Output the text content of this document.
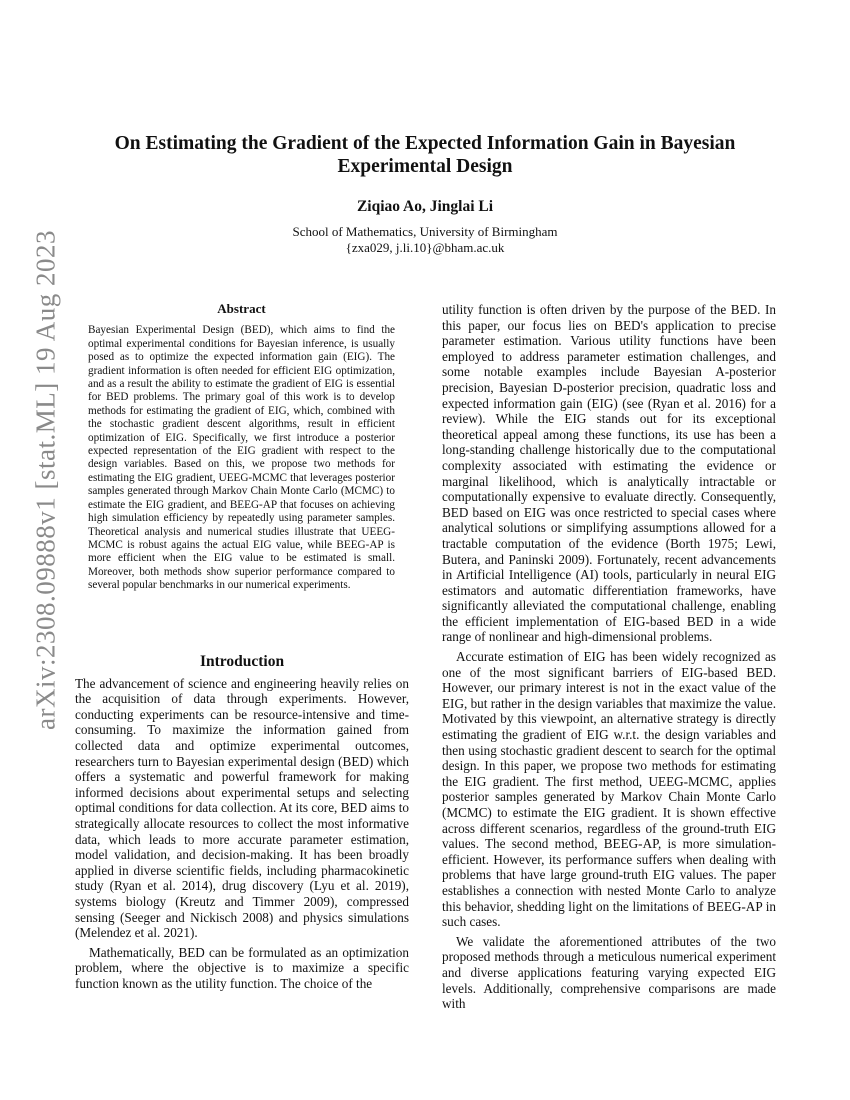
arXiv:2308.09888v1 [stat.ML] 19 Aug 2023
On Estimating the Gradient of the Expected Information Gain in Bayesian Experimental Design
Ziqiao Ao, Jinglai Li
School of Mathematics, University of Birmingham
{zxa029, j.li.10}@bham.ac.uk

Abstract

Bayesian Experimental Design (BED), which aims to find the optimal experimental conditions for Bayesian inference, is usually posed as to optimize the expected information gain (EIG). The gradient information is often needed for efficient EIG optimization, and as a result the ability to estimate the gradient of EIG is essential for BED problems. The primary goal of this work is to develop methods for estimating the gradient of EIG, which, combined with the stochastic gradient descent algorithms, result in efficient optimization of EIG. Specifically, we first introduce a posterior expected representation of the EIG gradient with respect to the design variables. Based on this, we propose two methods for estimating the EIG gradient, UEEG-MCMC that leverages posterior samples generated through Markov Chain Monte Carlo (MCMC) to estimate the EIG gradient, and BEEG-AP that focuses on achieving high simulation efficiency by repeatedly using parameter samples. Theoretical analysis and numerical studies illustrate that UEEG-MCMC is robust agains the actual EIG value, while BEEG-AP is more efficient when the EIG value to be estimated is small. Moreover, both methods show superior performance compared to several popular benchmarks in our numerical experiments.

Introduction

The advancement of science and engineering heavily relies on the acquisition of data through experiments. However, conducting experiments can be resource-intensive and time-consuming. To maximize the information gained from collected data and optimize experimental outcomes, researchers turn to Bayesian experimental design (BED) which offers a systematic and powerful framework for making informed decisions about experimental setups and selecting optimal conditions for data collection. At its core, BED aims to strategically allocate resources to collect the most informative data, which leads to more accurate parameter estimation, model validation, and decision-making. It has been broadly applied in diverse scientific fields, including pharmacokinetic study (Ryan et al. 2014), drug discovery (Lyu et al. 2019), systems biology (Kreutz and Timmer 2009), compressed sensing (Seeger and Nickisch 2008) and physics simulations (Melendez et al. 2021).

Mathematically, BED can be formulated as an optimization problem, where the objective is to maximize a specific function known as the utility function. The choice of the

utility function is often driven by the purpose of the BED. In this paper, our focus lies on BED's application to precise parameter estimation. Various utility functions have been employed to address parameter estimation challenges, and some notable examples include Bayesian A-posterior precision, Bayesian D-posterior precision, quadratic loss and expected information gain (EIG) (see (Ryan et al. 2016) for a review). While the EIG stands out for its exceptional theoretical appeal among these functions, its use has been a long-standing challenge historically due to the computational complexity associated with estimating the evidence or marginal likelihood, which is analytically intractable or computationally expensive to evaluate directly. Consequently, BED based on EIG was once restricted to special cases where analytical solutions or simplifying assumptions allowed for a tractable computation of the evidence (Borth 1975; Lewi, Butera, and Paninski 2009). Fortunately, recent advancements in Artificial Intelligence (AI) tools, particularly in neural EIG estimators and automatic differentiation frameworks, have significantly alleviated the computational challenge, enabling the efficient implementation of EIG-based BED in a wide range of nonlinear and high-dimensional problems.

Accurate estimation of EIG has been widely recognized as one of the most significant barriers of EIG-based BED. However, our primary interest is not in the exact value of the EIG, but rather in the design variables that maximize the value. Motivated by this viewpoint, an alternative strategy is directly estimating the gradient of EIG w.r.t. the design variables and then using stochastic gradient descent to search for the optimal design. In this paper, we propose two methods for estimating the EIG gradient. The first method, UEEG-MCMC, applies posterior samples generated by Markov Chain Monte Carlo (MCMC) to estimate the EIG gradient. It is shown effective across different scenarios, regardless of the ground-truth EIG values. The second method, BEEG-AP, is more simulation-efficient. However, its performance suffers when dealing with problems that have large ground-truth EIG values. The paper establishes a connection with nested Monte Carlo to analyze this behavior, shedding light on the limitations of BEEG-AP in such cases.

We validate the aforementioned attributes of the two proposed methods through a meticulous numerical experiment and diverse applications featuring varying expected EIG levels. Additionally, comprehensive comparisons are made with
